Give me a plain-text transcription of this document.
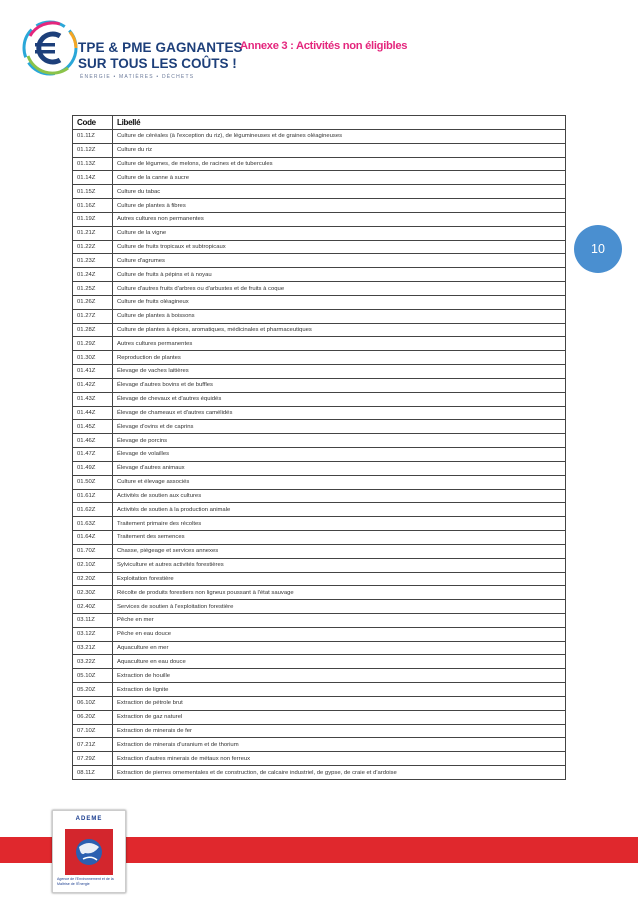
TPE & PME GAGNANTES
SUR TOUS LES COÛTS !
ÉNERGIE • MATIÈRES • DÉCHETS
Annexe 3 : Activités non éligibles
10
Code	Libellé
01.11Z	Culture de céréales (à l'exception du riz), de légumineuses et de graines oléagineuses
01.12Z	Culture du riz
01.13Z	Culture de légumes, de melons, de racines et de tubercules
01.14Z	Culture de la canne à sucre
01.15Z	Culture du tabac
01.16Z	Culture de plantes à fibres
01.19Z	Autres cultures non permanentes
01.21Z	Culture de la vigne
01.22Z	Culture de fruits tropicaux et subtropicaux
01.23Z	Culture d'agrumes
01.24Z	Culture de fruits à pépins et à noyau
01.25Z	Culture d'autres fruits d'arbres ou d'arbustes et de fruits à coque
01.26Z	Culture de fruits oléagineux
01.27Z	Culture de plantes à boissons
01.28Z	Culture de plantes à épices, aromatiques, médicinales et pharmaceutiques
01.29Z	Autres cultures permanentes
01.30Z	Reproduction de plantes
01.41Z	Élevage de vaches laitières
01.42Z	Élevage d'autres bovins et de buffles
01.43Z	Élevage de chevaux et d'autres équidés
01.44Z	Élevage de chameaux et d'autres camélidés
01.45Z	Élevage d'ovins et de caprins
01.46Z	Élevage de porcins
01.47Z	Élevage de volailles
01.49Z	Élevage d'autres animaux
01.50Z	Culture et élevage associés
01.61Z	Activités de soutien aux cultures
01.62Z	Activités de soutien à la production animale
01.63Z	Traitement primaire des récoltes
01.64Z	Traitement des semences
01.70Z	Chasse, piégeage et services annexes
02.10Z	Sylviculture et autres activités forestières
02.20Z	Exploitation forestière
02.30Z	Récolte de produits forestiers non ligneux poussant à l'état sauvage
02.40Z	Services de soutien à l'exploitation forestière
03.11Z	Pêche en mer
03.12Z	Pêche en eau douce
03.21Z	Aquaculture en mer
03.22Z	Aquaculture en eau douce
05.10Z	Extraction de houille
05.20Z	Extraction de lignite
06.10Z	Extraction de pétrole brut
06.20Z	Extraction de gaz naturel
07.10Z	Extraction de minerais de fer
07.21Z	Extraction de minerais d'uranium et de thorium
07.29Z	Extraction d'autres minerais de métaux non ferreux
08.11Z	Extraction de pierres ornementales et de construction, de calcaire industriel, de gypse, de craie et d'ardoise
ADEME
Agence de l'Environnement et de la Maîtrise de l'Énergie
